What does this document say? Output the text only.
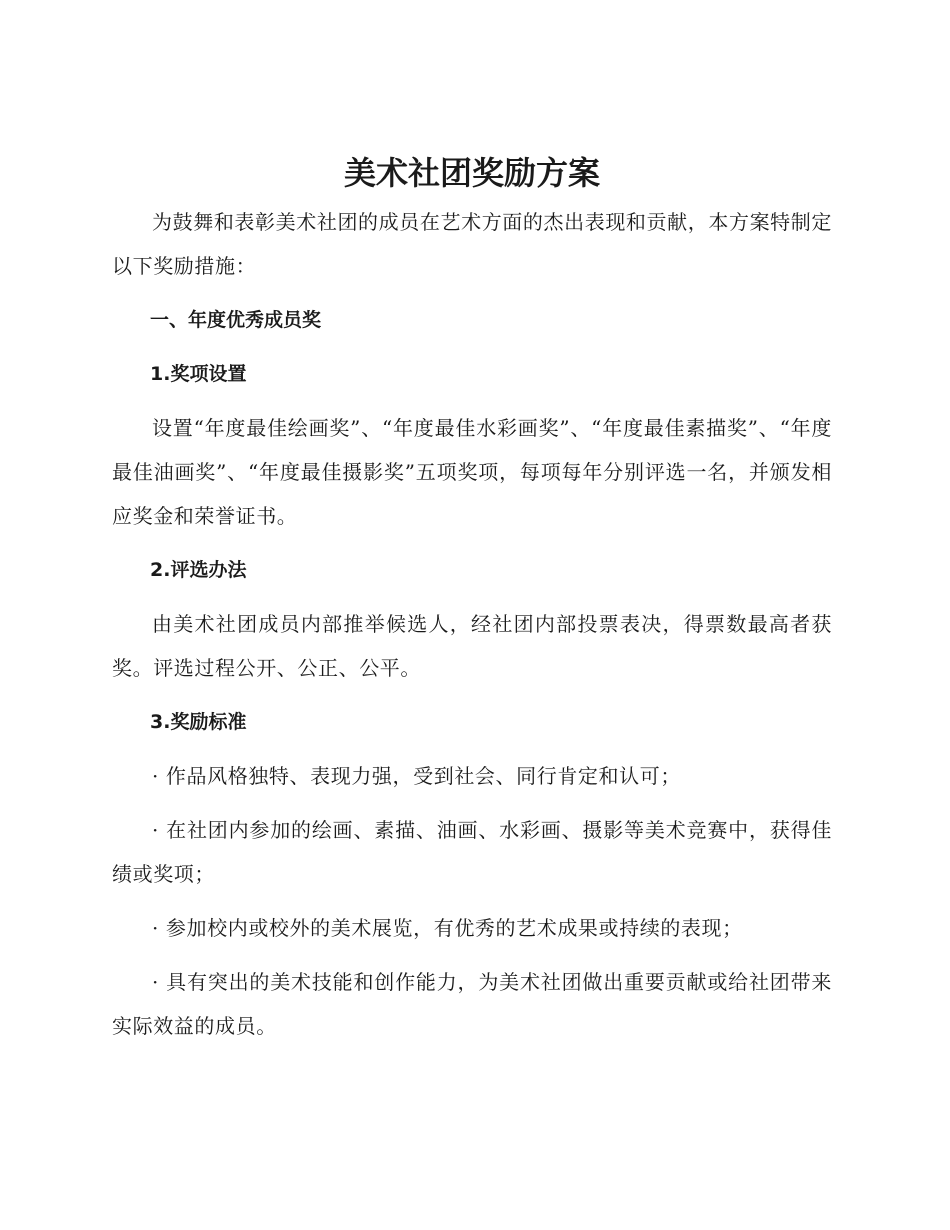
美术社团奖励方案

为鼓舞和表彰美术社团的成员在艺术方面的杰出表现和贡献，本方案特制定以下奖励措施：

一、年度优秀成员奖
1.奖项设置

设置“年度最佳绘画奖”、“年度最佳水彩画奖”、“年度最佳素描奖”、“年度最佳油画奖”、“年度最佳摄影奖”五项奖项，每项每年分别评选一名，并颁发相应奖金和荣誉证书。

2.评选办法

由美术社团成员内部推举候选人，经社团内部投票表决，得票数最高者获奖。评选过程公开、公正、公平。

3.奖励标准

· 作品风格独特、表现力强，受到社会、同行肯定和认可；

· 在社团内参加的绘画、素描、油画、水彩画、摄影等美术竞赛中，获得佳绩或奖项；

· 参加校内或校外的美术展览，有优秀的艺术成果或持续的表现；

· 具有突出的美术技能和创作能力，为美术社团做出重要贡献或给社团带来实际效益的成员。
